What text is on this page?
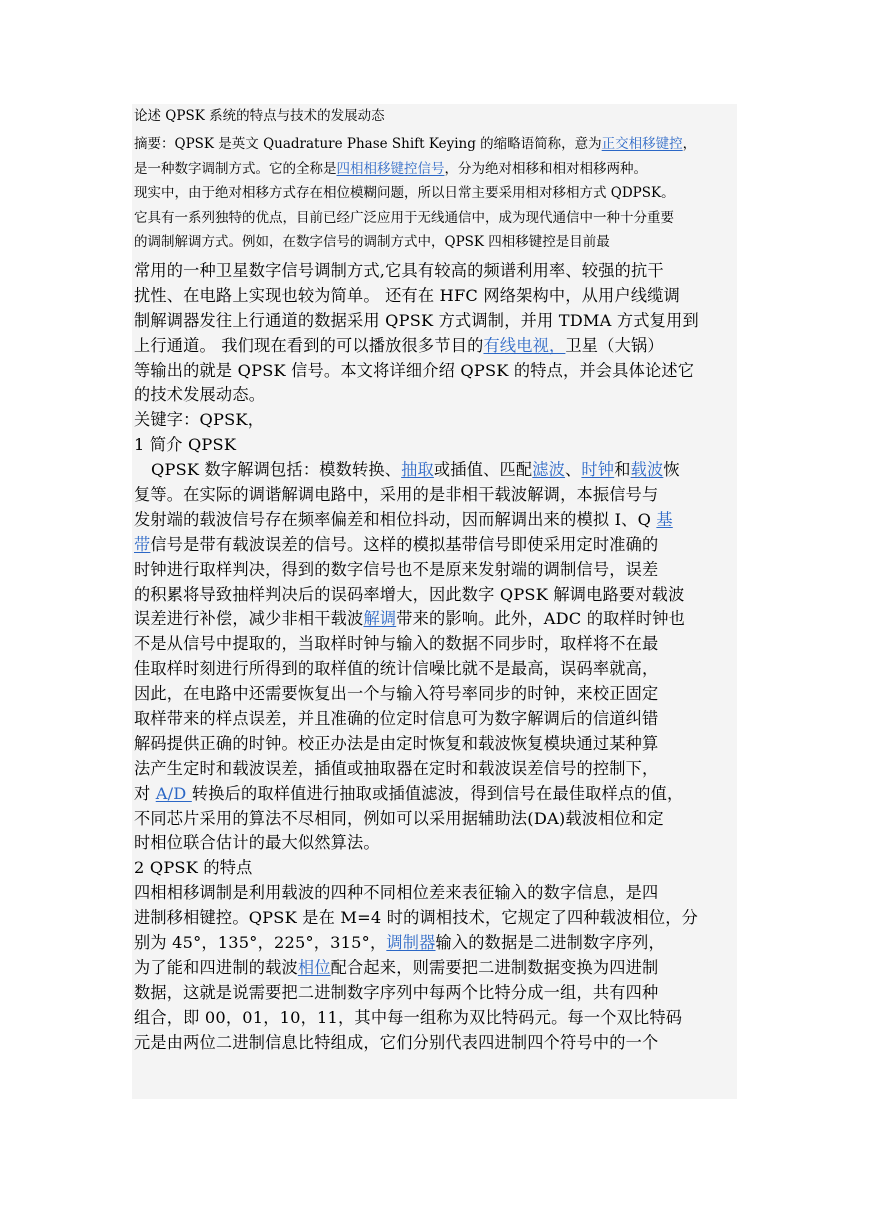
论述 QPSK 系统的特点与技术的发展动态
摘要：QPSK 是英文 Quadrature Phase Shift Keying 的缩略语简称，意为正交相移键控，
是一种数字调制方式。它的全称是四相相移键控信号，分为绝对相移和相对相移两种。
现实中，由于绝对相移方式存在相位模糊问题，所以日常主要采用相对移相方式 QDPSK。
它具有一系列独特的优点，目前已经广泛应用于无线通信中，成为现代通信中一种十分重要
的调制解调方式。例如，在数字信号的调制方式中，QPSK 四相移键控是目前最
常用的一种卫星数字信号调制方式,它具有较高的频谱利用率、较强的抗干
扰性、在电路上实现也较为简单。 还有在 HFC 网络架构中，从用户线缆调
制解调器发往上行通道的数据采用 QPSK 方式调制，并用 TDMA 方式复用到
上行通道。 我们现在看到的可以播放很多节目的有线电视，卫星（大锅）
等输出的就是 QPSK 信号。本文将详细介绍 QPSK 的特点，并会具体论述它
的技术发展动态。
关键字：QPSK，
1 简介 QPSK
QPSK 数字解调包括：模数转换、抽取或插值、匹配滤波、时钟和载波恢
复等。在实际的调谐解调电路中，采用的是非相干载波解调，本振信号与
发射端的载波信号存在频率偏差和相位抖动，因而解调出来的模拟 I、Q 基
带信号是带有载波误差的信号。这样的模拟基带信号即使采用定时准确的
时钟进行取样判决，得到的数字信号也不是原来发射端的调制信号，误差
的积累将导致抽样判决后的误码率增大，因此数字 QPSK 解调电路要对载波
误差进行补偿，减少非相干载波解调带来的影响。此外，ADC 的取样时钟也
不是从信号中提取的，当取样时钟与输入的数据不同步时，取样将不在最
佳取样时刻进行所得到的取样值的统计信噪比就不是最高，误码率就高，
因此，在电路中还需要恢复出一个与输入符号率同步的时钟，来校正固定
取样带来的样点误差，并且准确的位定时信息可为数字解调后的信道纠错
解码提供正确的时钟。校正办法是由定时恢复和载波恢复模块通过某种算
法产生定时和载波误差，插值或抽取器在定时和载波误差信号的控制下，
对 A/D 转换后的取样值进行抽取或插值滤波，得到信号在最佳取样点的值，
不同芯片采用的算法不尽相同，例如可以采用据辅助法(DA)载波相位和定
时相位联合估计的最大似然算法。
2 QPSK 的特点
四相相移调制是利用载波的四种不同相位差来表征输入的数字信息，是四
进制移相键控。QPSK 是在 M=4 时的调相技术，它规定了四种载波相位，分
别为 45°，135°，225°，315°，调制器输入的数据是二进制数字序列，
为了能和四进制的载波相位配合起来，则需要把二进制数据变换为四进制
数据，这就是说需要把二进制数字序列中每两个比特分成一组，共有四种
组合，即 00，01，10，11，其中每一组称为双比特码元。每一个双比特码
元是由两位二进制信息比特组成，它们分别代表四进制四个符号中的一个
